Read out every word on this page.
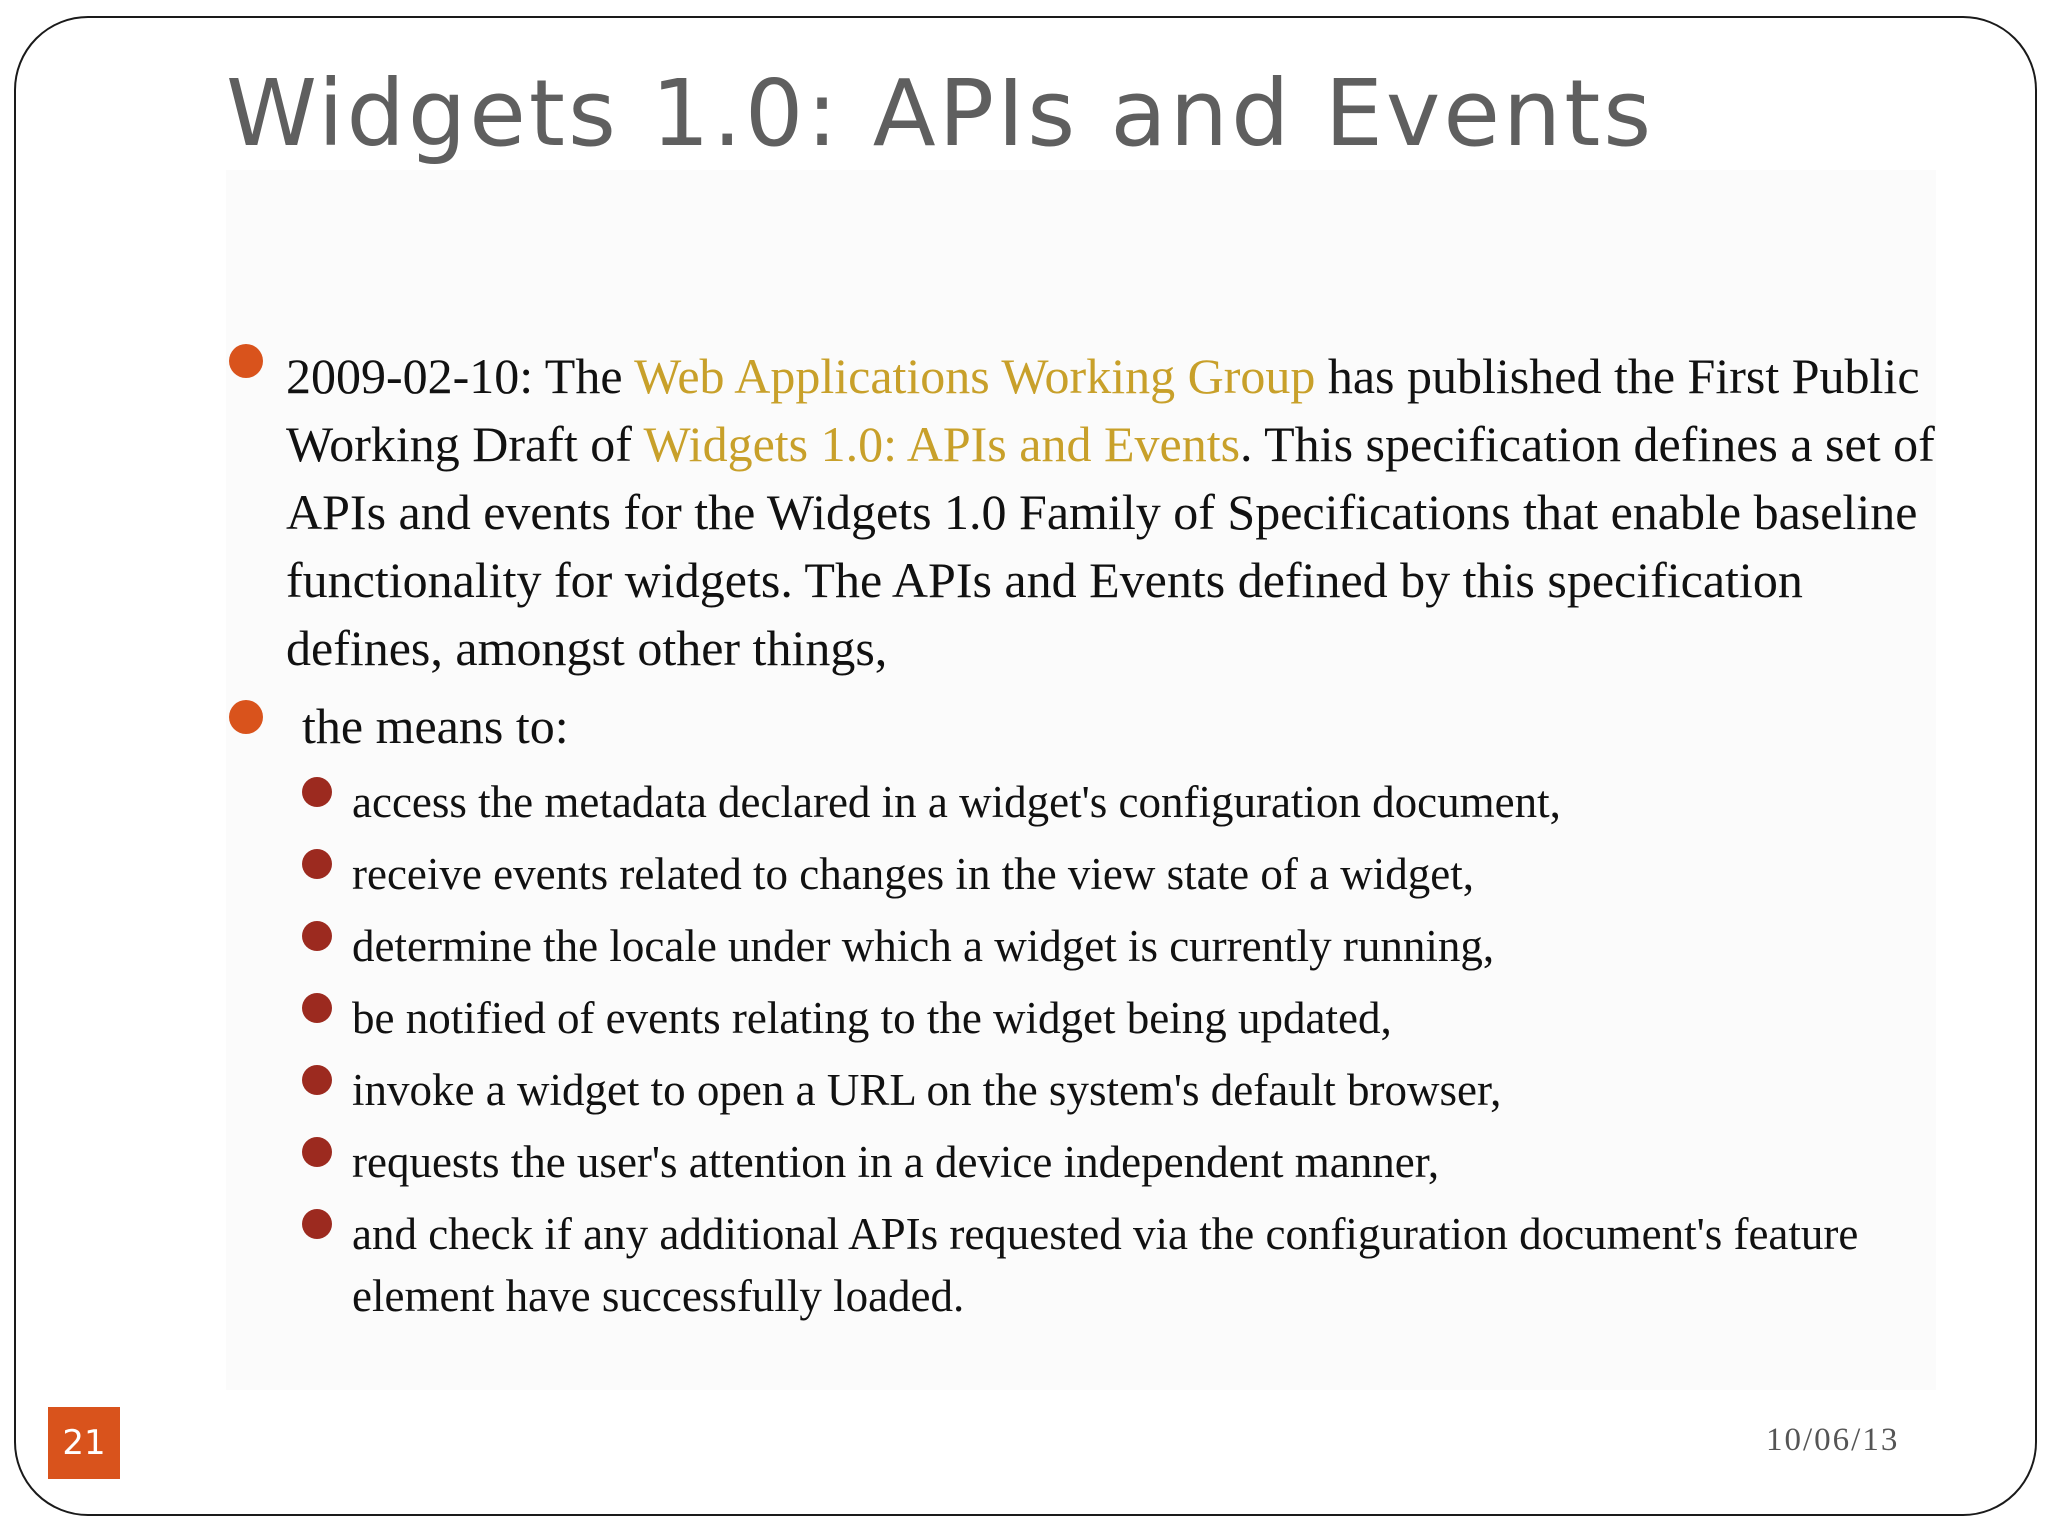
Widgets 1.0: APIs and Events

2009-02-10: The Web Applications Working Group has published the First Public Working Draft of Widgets 1.0: APIs and Events. This specification defines a set of APIs and events for the Widgets 1.0 Family of Specifications that enable baseline functionality for widgets. The APIs and Events defined by this specification defines, amongst other things,

the means to:

access the metadata declared in a widget's configuration document,

receive events related to changes in the view state of a widget,

determine the locale under which a widget is currently running,

be notified of events relating to the widget being updated,

invoke a widget to open a URL on the system's default browser,

requests the user's attention in a device independent manner,

and check if any additional APIs requested via the configuration document's feature element have successfully loaded.

21	10/06/13
